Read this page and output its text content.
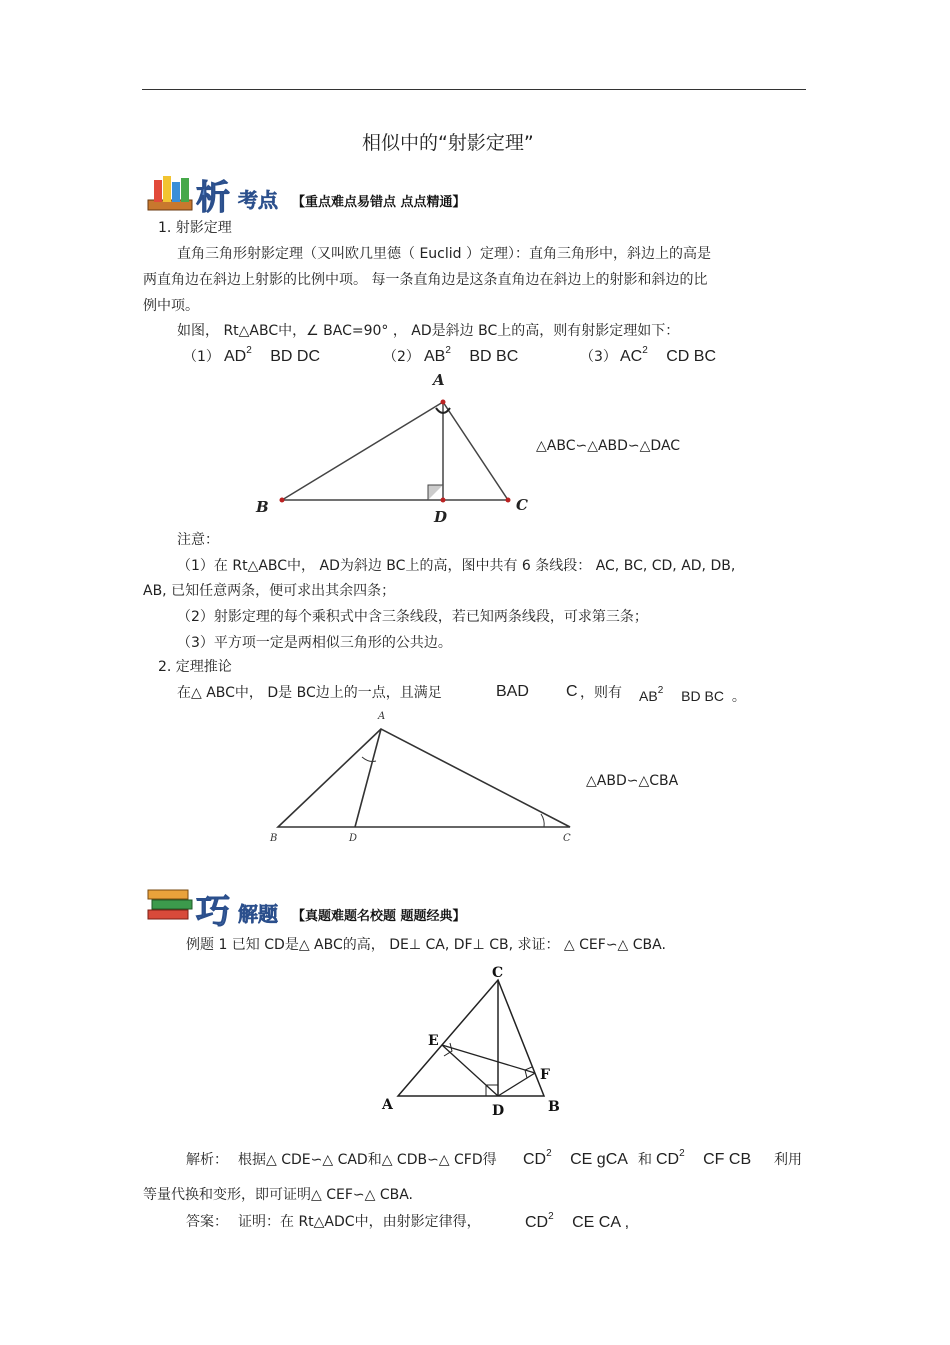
相似中的“射影定理”
析 考点 【重点难点易错点 点点精通】
1. 射影定理
直角三角形射影定理（又叫欧几里德（ Euclid ）定理）：直角三角形中，斜边上的高是
两直角边在斜边上射影的比例中项。 每一条直角边是这条直角边在斜边上的射影和斜边的比
例中项。
如图， Rt△ABC中，∠ BAC=90° ， AD是斜边 BC上的高，则有射影定理如下：
（1） $AD^2$ BD DC	（2） $AB^2$ BD BC	（3） $AC^2$ CD BC
A
B	C
D
△ABC∽△ABD∽△DAC
注意：
（1）在 Rt△ABC中， AD为斜边 BC上的高，图中共有 6 条线段： AC, BC, CD, AD, DB,
AB, 已知任意两条，便可求出其余四条；
（2）射影定理的每个乘积式中含三条线段，若已知两条线段，可求第三条；
（3）平方项一定是两相似三角形的公共边。
2. 定理推论
在△ ABC中， D是 BC边上的一点，且满足	BAD C ，则有 $AB^2$ BD BC 。
A
B	C
D
△ABD∽△CBA
巧 解题 【真题难题名校题 题题经典】
例题 1 已知 CD是△ ABC的高， DE⊥ CA, DF⊥ CB, 求证： △ CEF∽△ CBA.
C
E
F
A	D	B
解析： 根据△ CDE∽△ CAD和△ CDB∽△ CFD得 $CD^2$ CE gCA 和 $CD^2$ CF CB 利用
等量代换和变形，即可证明△ CEF∽△ CBA.
答案： 证明：在 Rt△ADC中，由射影定律得，	$CD^2$ CE CA ,
